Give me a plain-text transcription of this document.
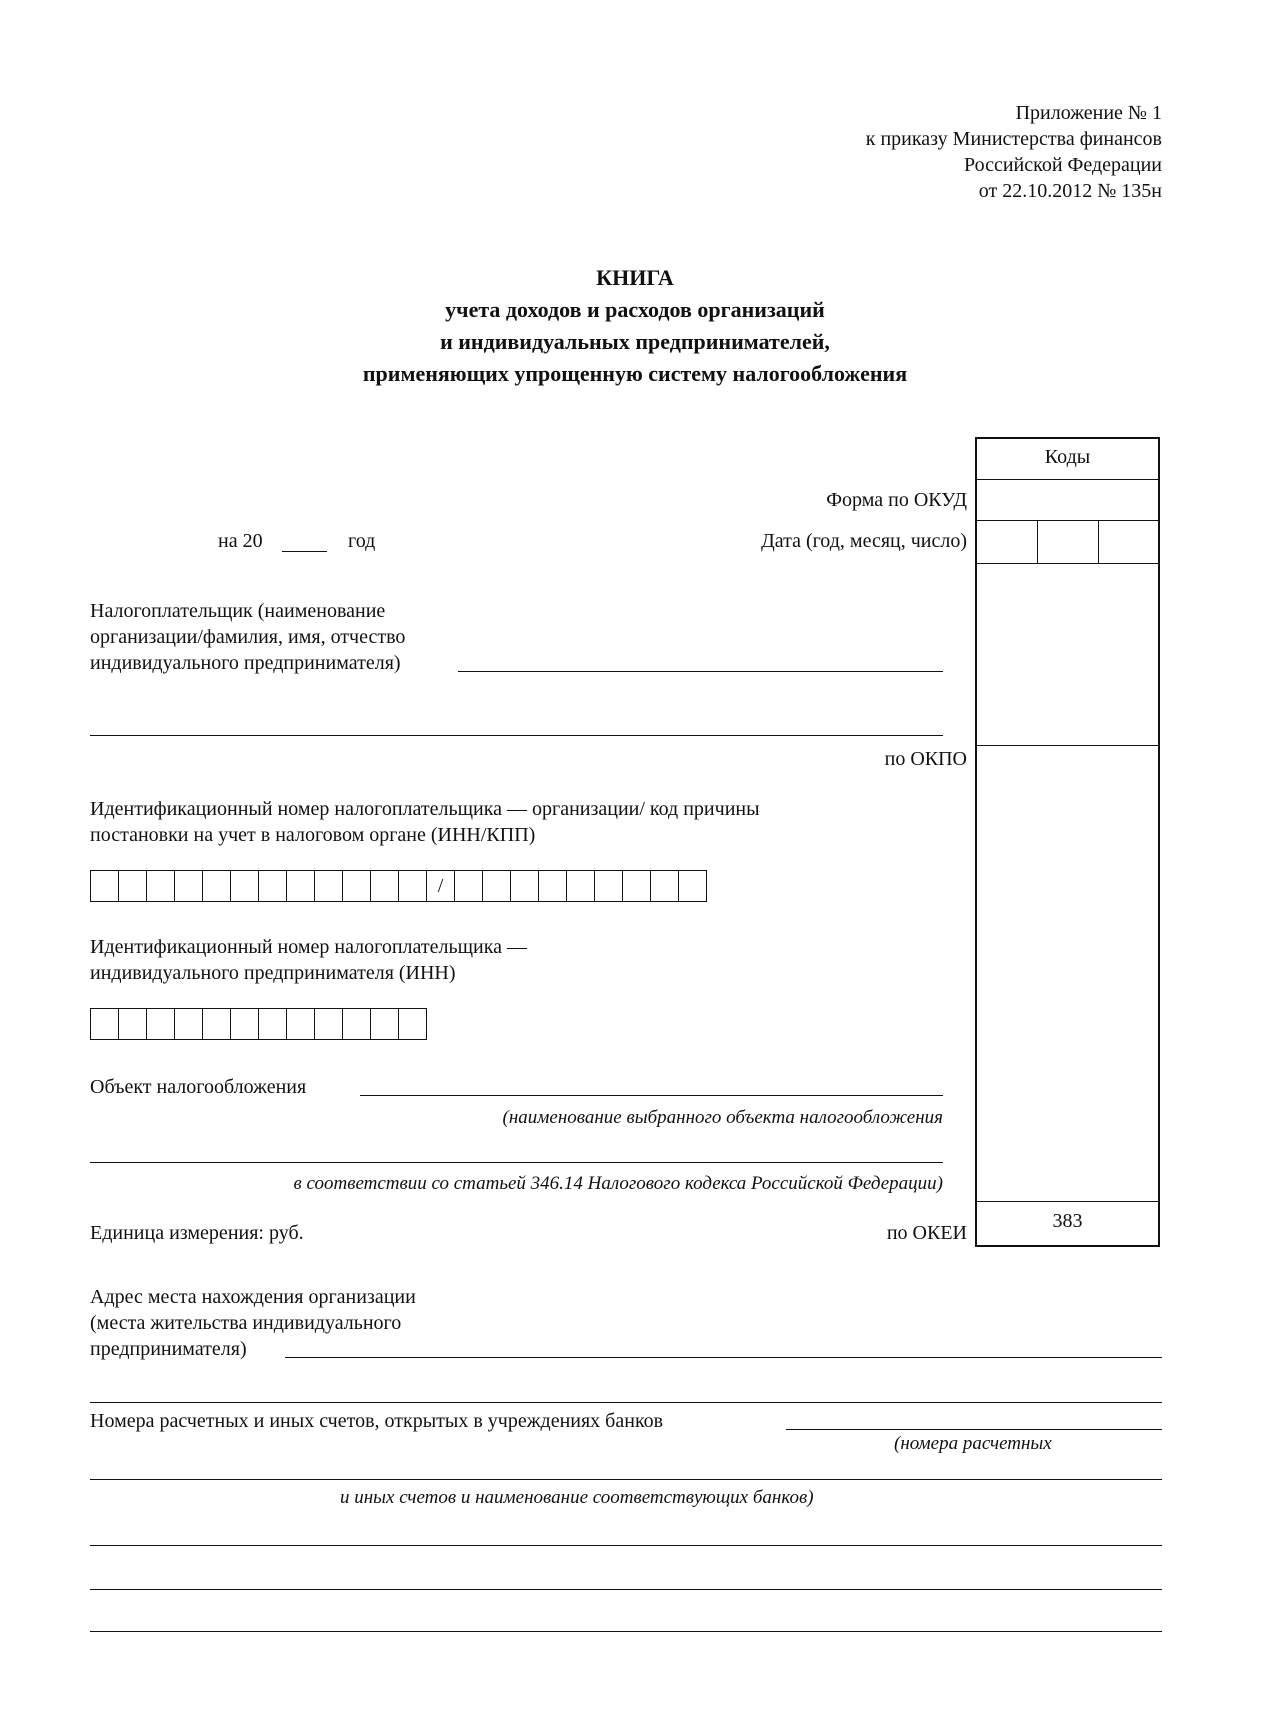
Приложение № 1
к приказу Министерства финансов
Российской Федерации
от 22.10.2012 № 135н
КНИГА
учета доходов и расходов организаций
и индивидуальных предпринимателей,
применяющих упрощенную систему налогообложения
Коды
383
Форма по ОКУД
Дата (год, месяц, число)
на 20	год
Налогоплательщик (наименование
организации/фамилия, имя, отчество
индивидуального предпринимателя)
по ОКПО
Идентификационный номер налогоплательщика — организации/ код причины
постановки на учет в налоговом органе (ИНН/КПП)
/
Идентификационный номер налогоплательщика —
индивидуального предпринимателя (ИНН)
Объект налогообложения
(наименование выбранного объекта налогообложения
в соответствии со статьей 346.14 Налогового кодекса Российской Федерации)
Единица измерения: руб.	по ОКЕИ
Адрес места нахождения организации
(места жительства индивидуального
предпринимателя)
Номера расчетных и иных счетов, открытых в учреждениях банков
(номера расчетных
и иных счетов и наименование соответствующих банков)
